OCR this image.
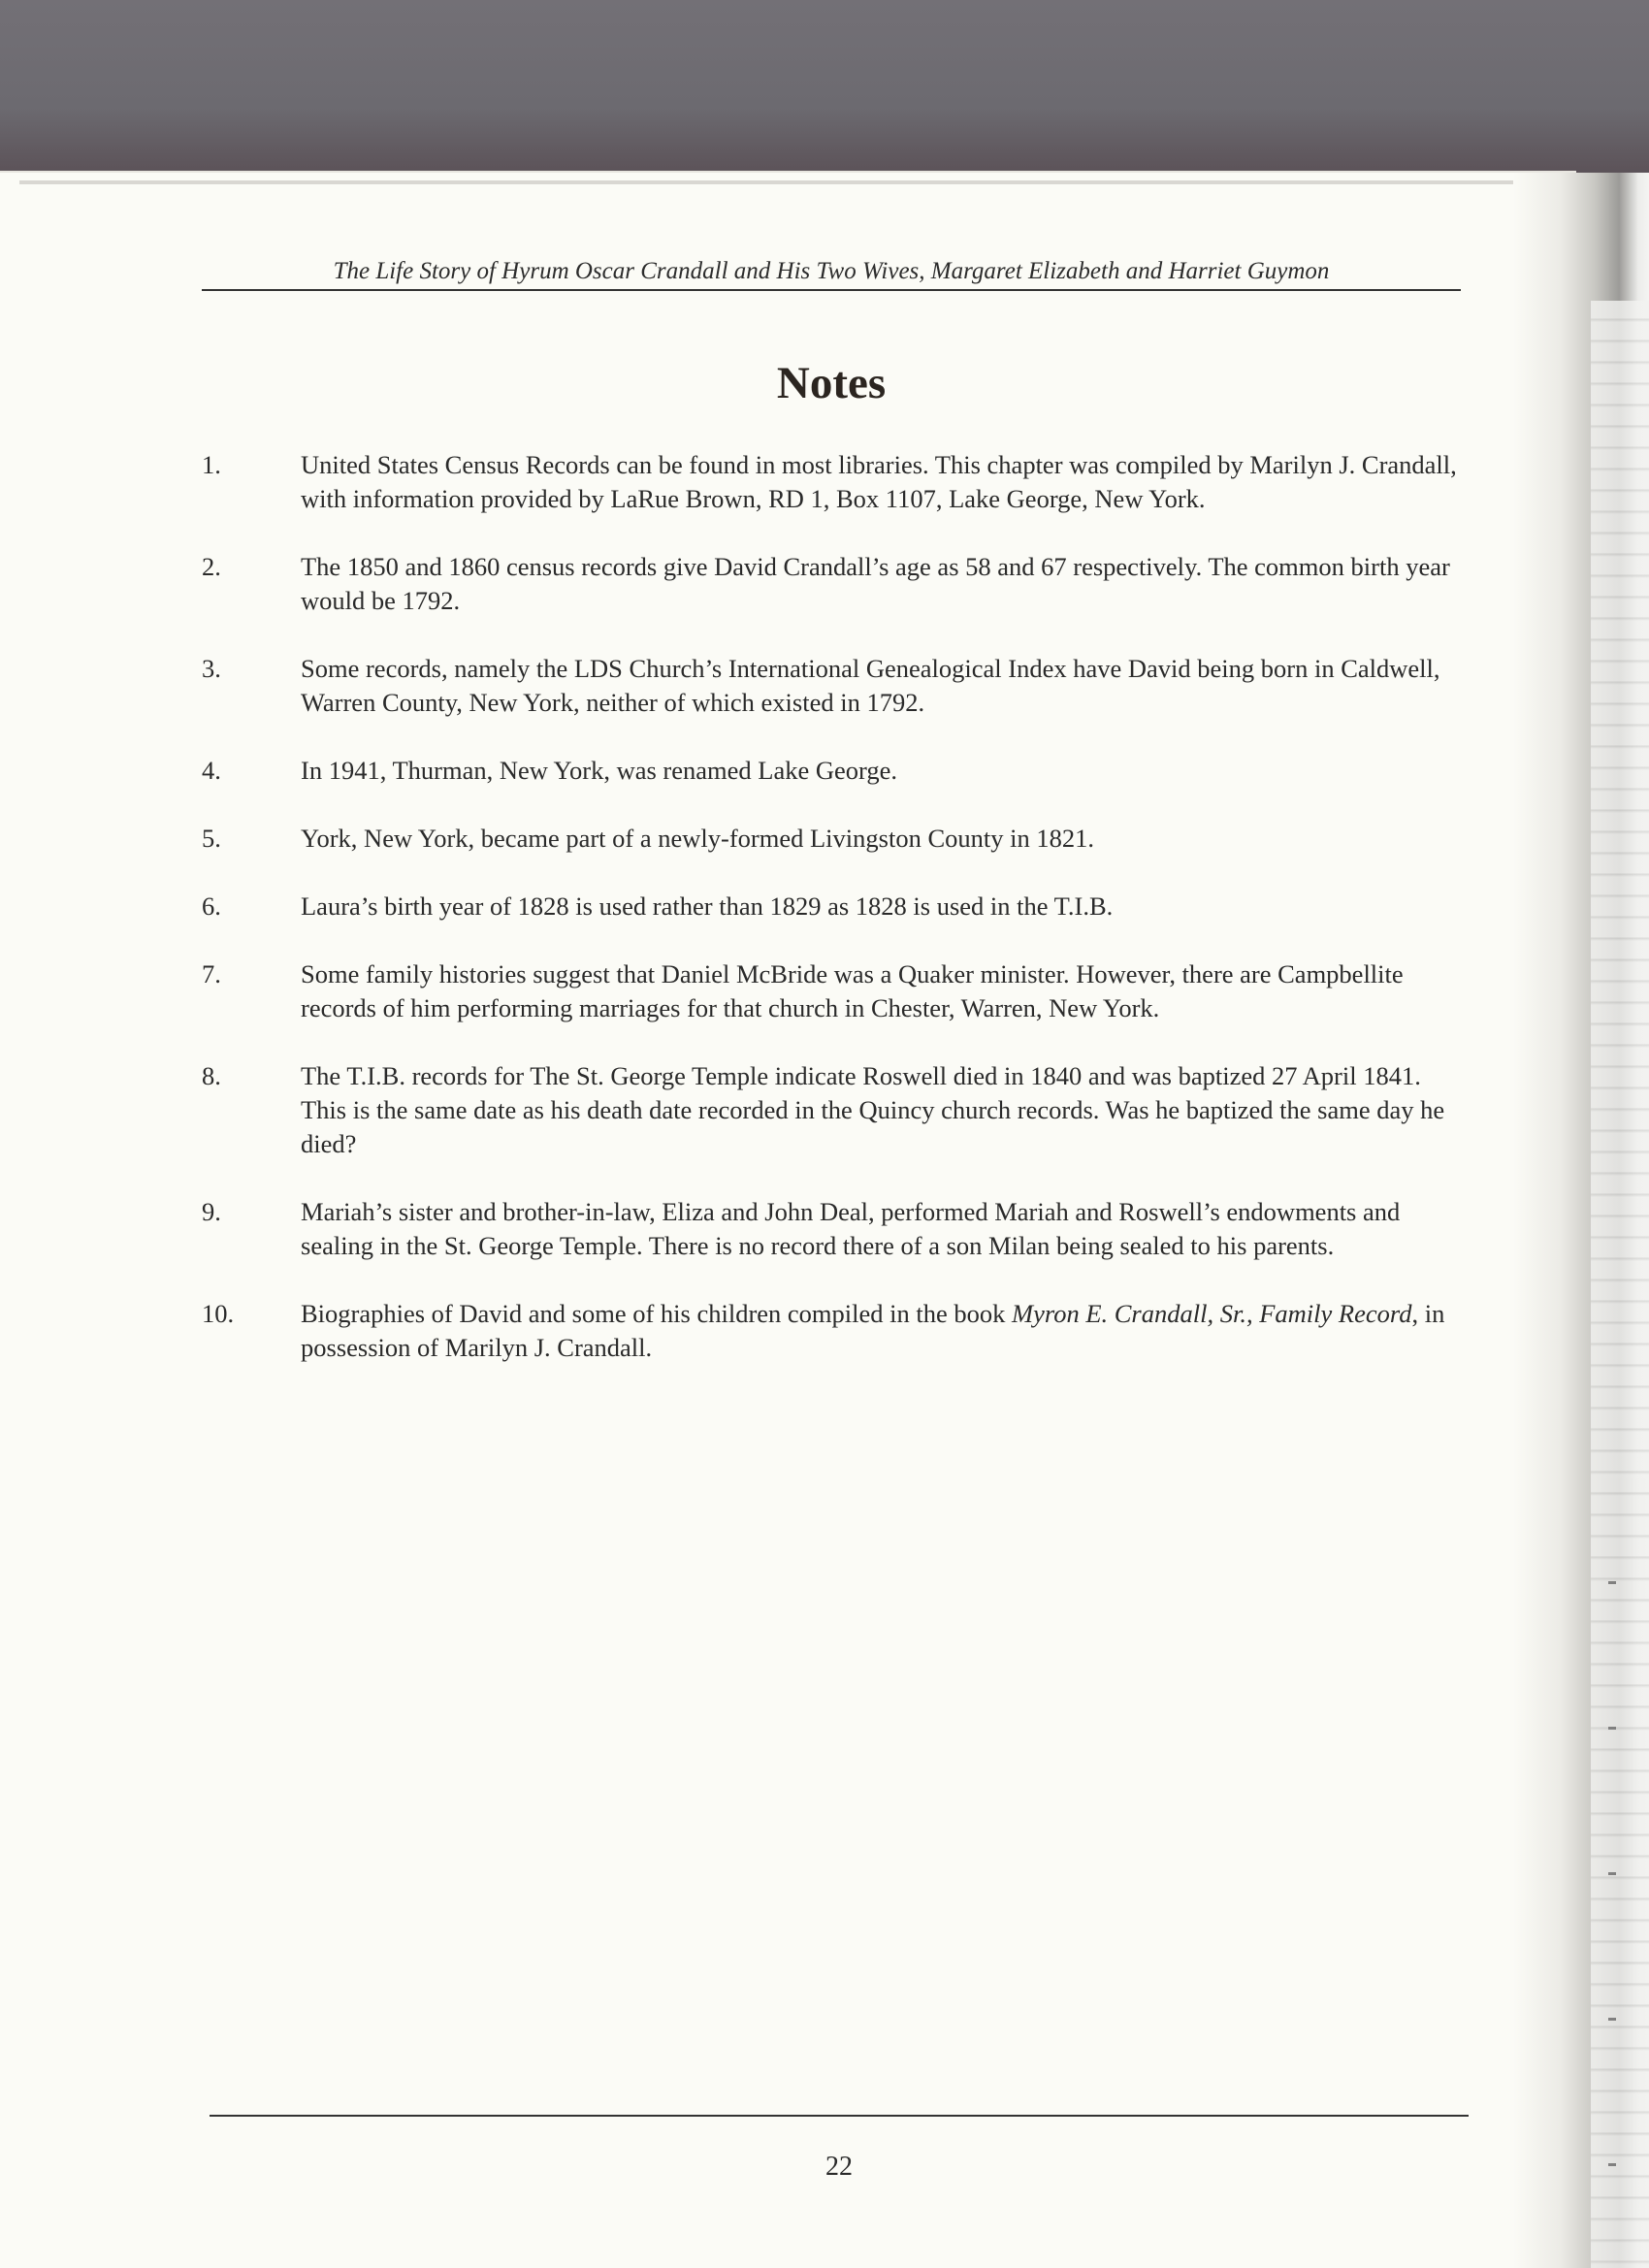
The Life Story of Hyrum Oscar Crandall and His Two Wives, Margaret Elizabeth and Harriet Guymon
Notes
1.	United States Census Records can be found in most libraries. This chapter was compiled by Marilyn J. Crandall, with information provided by LaRue Brown, RD 1, Box 1107, Lake George, New York.
2.	The 1850 and 1860 census records give David Crandall’s age as 58 and 67 respectively. The common birth year would be 1792.
3.	Some records, namely the LDS Church’s International Genealogical Index have David being born in Caldwell, Warren County, New York, neither of which existed in 1792.
4.	In 1941, Thurman, New York, was renamed Lake George.
5.	York, New York, became part of a newly-formed Livingston County in 1821.
6.	Laura’s birth year of 1828 is used rather than 1829 as 1828 is used in the T.I.B.
7.	Some family histories suggest that Daniel McBride was a Quaker minister. However, there are Campbellite records of him performing marriages for that church in Chester, Warren, New York.
8.	The T.I.B. records for The St. George Temple indicate Roswell died in 1840 and was baptized 27 April 1841. This is the same date as his death date recorded in the Quincy church records. Was he baptized the same day he died?
9.	Mariah’s sister and brother-in-law, Eliza and John Deal, performed Mariah and Roswell’s endowments and sealing in the St. George Temple. There is no record there of a son Milan being sealed to his parents.
10.	Biographies of David and some of his children compiled in the book Myron E. Crandall, Sr., Family Record, in possession of Marilyn J. Crandall.
22
